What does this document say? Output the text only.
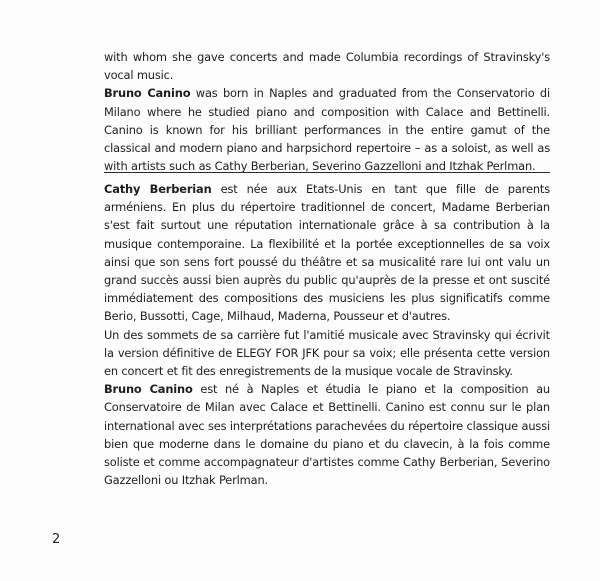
with whom she gave concerts and made Columbia recordings of Stravinsky's vocal music.

Bruno Canino was born in Naples and graduated from the Conservatorio di Milano where he studied piano and composition with Calace and Bettinelli. Canino is known for his brilliant performances in the entire gamut of the classical and modern piano and harpsichord repertoire – as a soloist, as well as with artists such as Cathy Berberian, Severino Gazzelloni and Itzhak Perlman.

Cathy Berberian est née aux Etats-Unis en tant que fille de parents arméniens. En plus du répertoire traditionnel de concert, Madame Berberian s'est fait surtout une réputation internationale grâce à sa contribution à la musique contemporaine. La flexibilité et la portée exceptionnelles de sa voix ainsi que son sens fort poussé du théâtre et sa musicalité rare lui ont valu un grand succès aussi bien auprès du public qu'auprès de la presse et ont suscité immédiatement des compositions des musiciens les plus significatifs comme Berio, Bussotti, Cage, Milhaud, Maderna, Pousseur et d'autres.

Un des sommets de sa carrière fut l'amitié musicale avec Stravinsky qui écrivit la version définitive de ELEGY FOR JFK pour sa voix; elle présenta cette version en concert et fit des enregistrements de la musique vocale de Stravinsky.

Bruno Canino est né à Naples et étudia le piano et la composition au Conservatoire de Milan avec Calace et Bettinelli. Canino est connu sur le plan international avec ses interprétations parachevées du répertoire classique aussi bien que moderne dans le domaine du piano et du clavecin, à la fois comme soliste et comme accompagnateur d'artistes comme Cathy Berberian, Severino Gazzelloni ou Itzhak Perlman.

2
